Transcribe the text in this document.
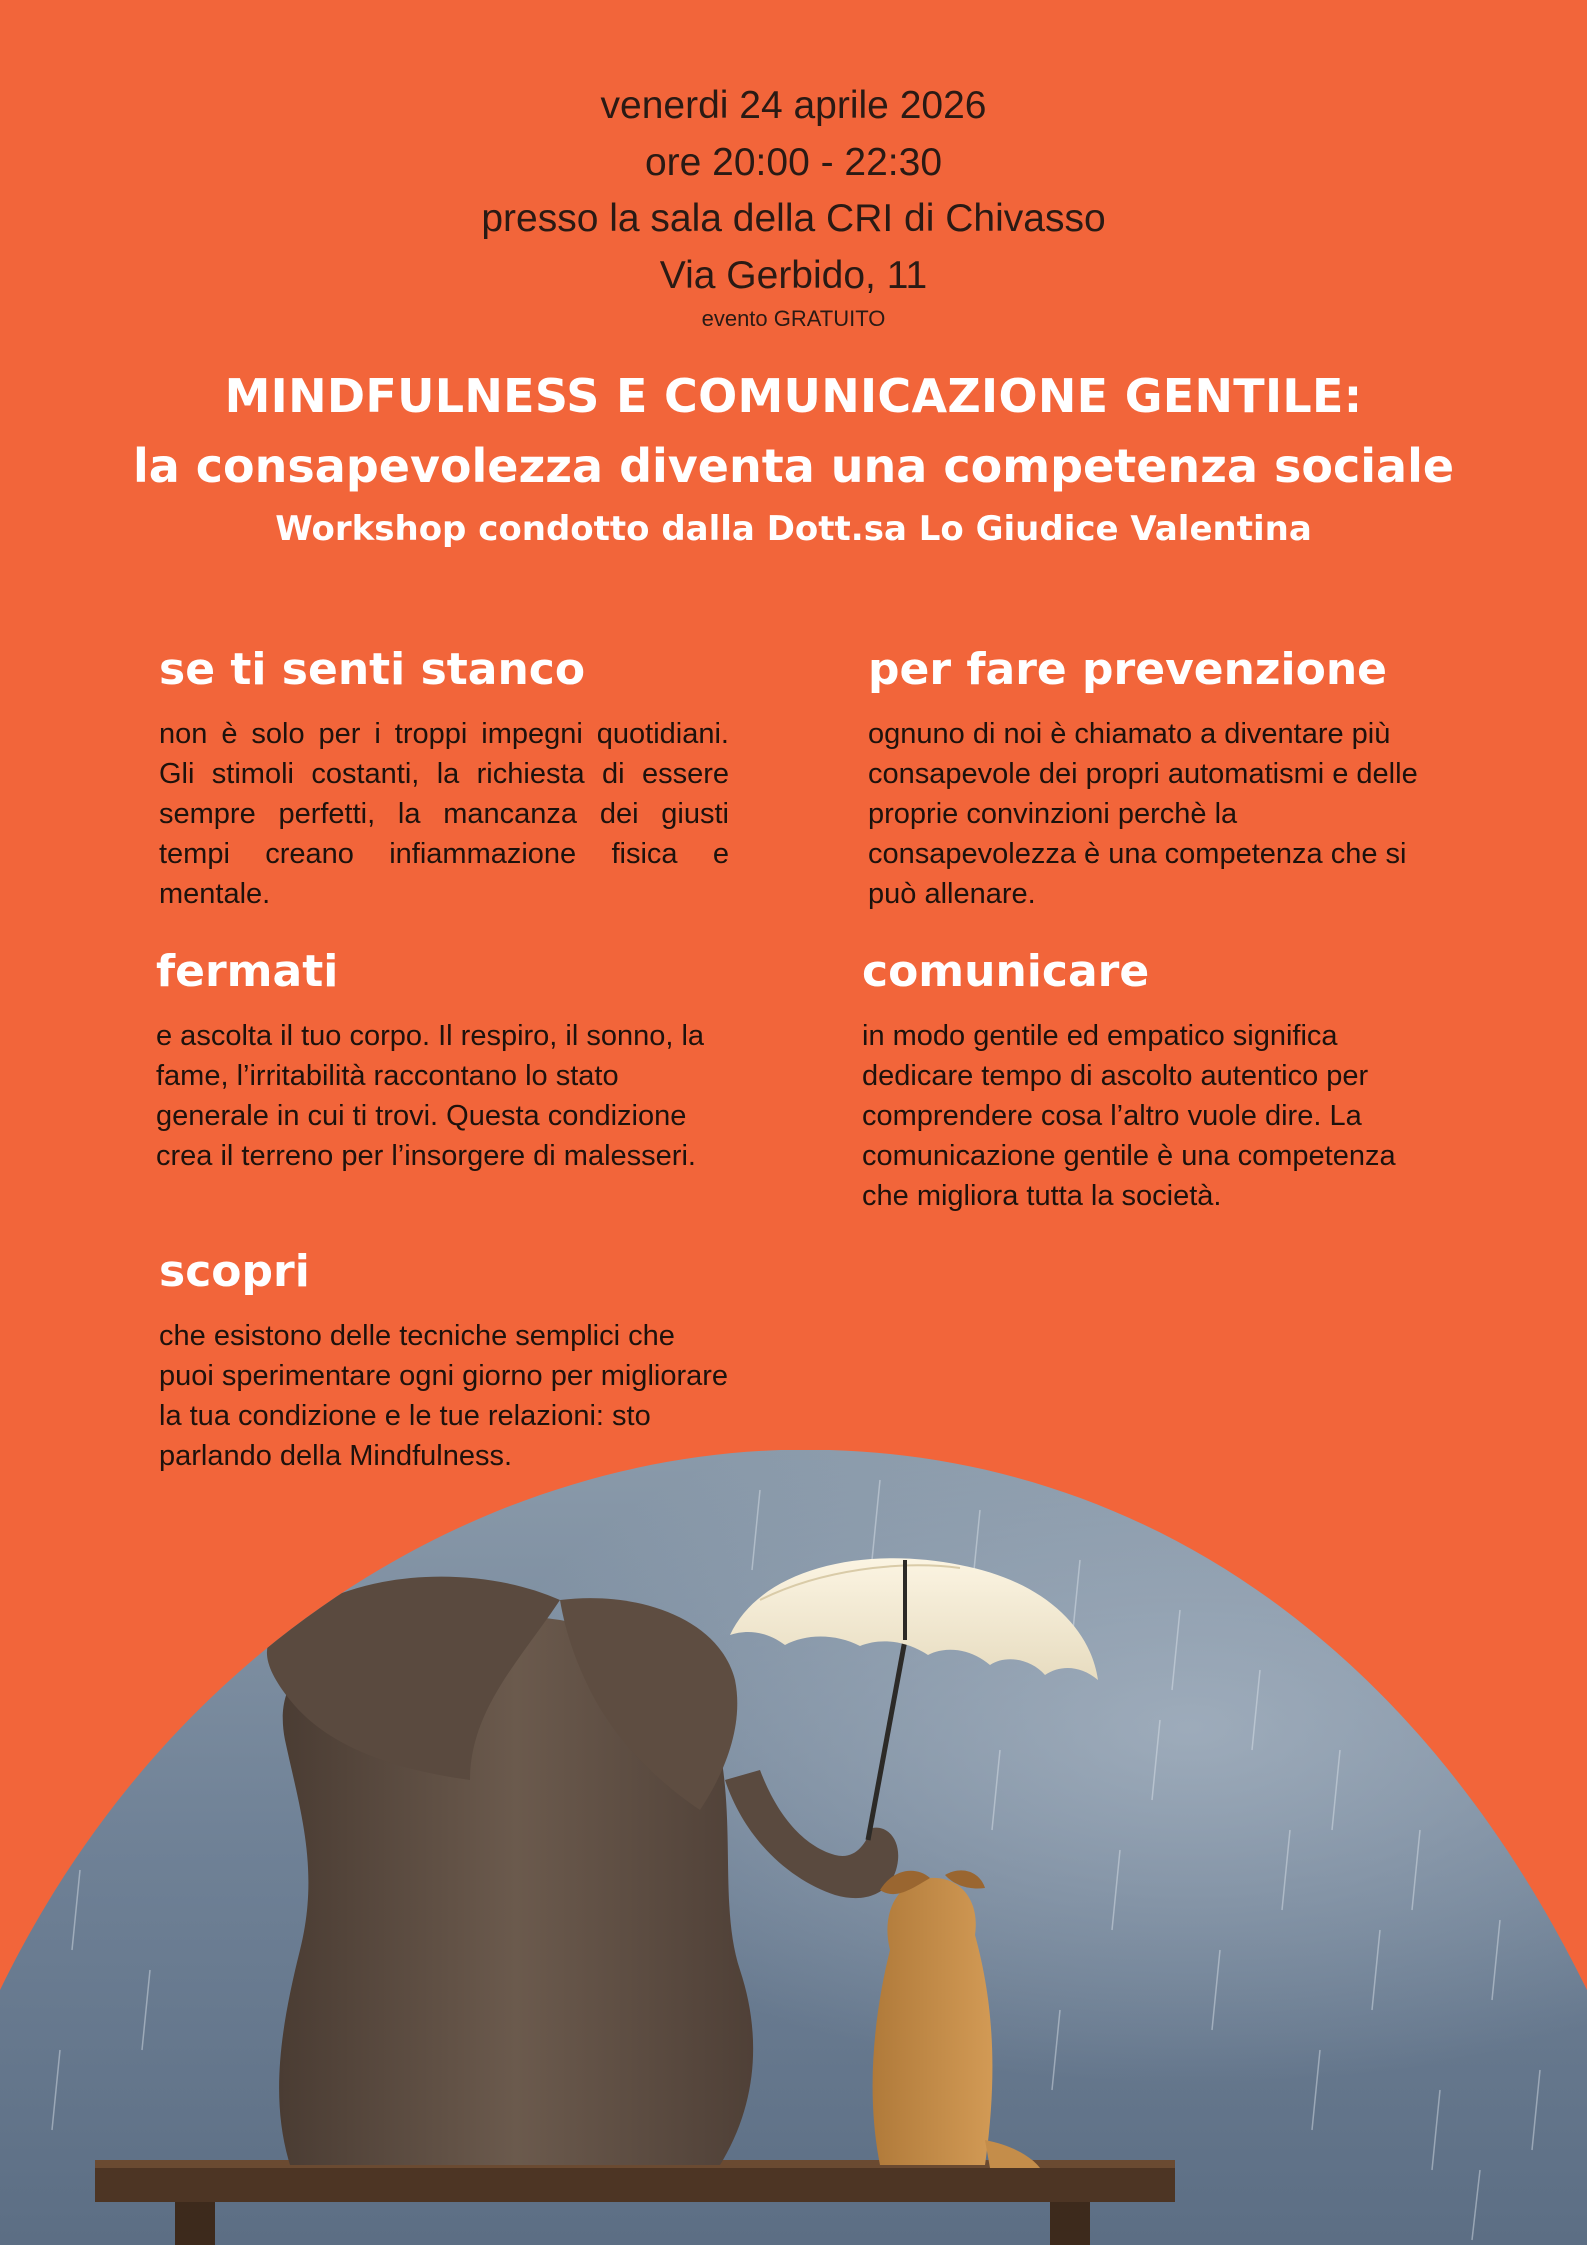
venerdi 24 aprile 2026
ore 20:00 - 22:30
presso la sala della CRI di Chivasso
Via Gerbido, 11
evento GRATUITO
MINDFULNESS E COMUNICAZIONE GENTILE:
la consapevolezza diventa una competenza sociale
Workshop condotto dalla Dott.sa Lo Giudice Valentina
se ti senti stanco

non è solo per i troppi impegni quotidiani. Gli stimoli costanti, la richiesta di essere sempre perfetti, la mancanza dei giusti tempi creano infiammazione fisica e mentale.

per fare prevenzione

ognuno di noi è chiamato a diventare più consapevole dei propri automatismi e delle proprie convinzioni perchè la consapevolezza è una competenza che si può allenare.

fermati

e ascolta il tuo corpo. Il respiro, il sonno, la fame, l’irritabilità raccontano lo stato generale in cui ti trovi. Questa condizione crea il terreno per l’insorgere di malesseri.

comunicare

in modo gentile ed empatico significa dedicare tempo di ascolto autentico per comprendere cosa l’altro vuole dire. La comunicazione gentile è una competenza che migliora tutta la società.

scopri

che esistono delle tecniche semplici che puoi sperimentare ogni giorno per migliorare la tua condizione e le tue relazioni: sto parlando della Mindfulness.
